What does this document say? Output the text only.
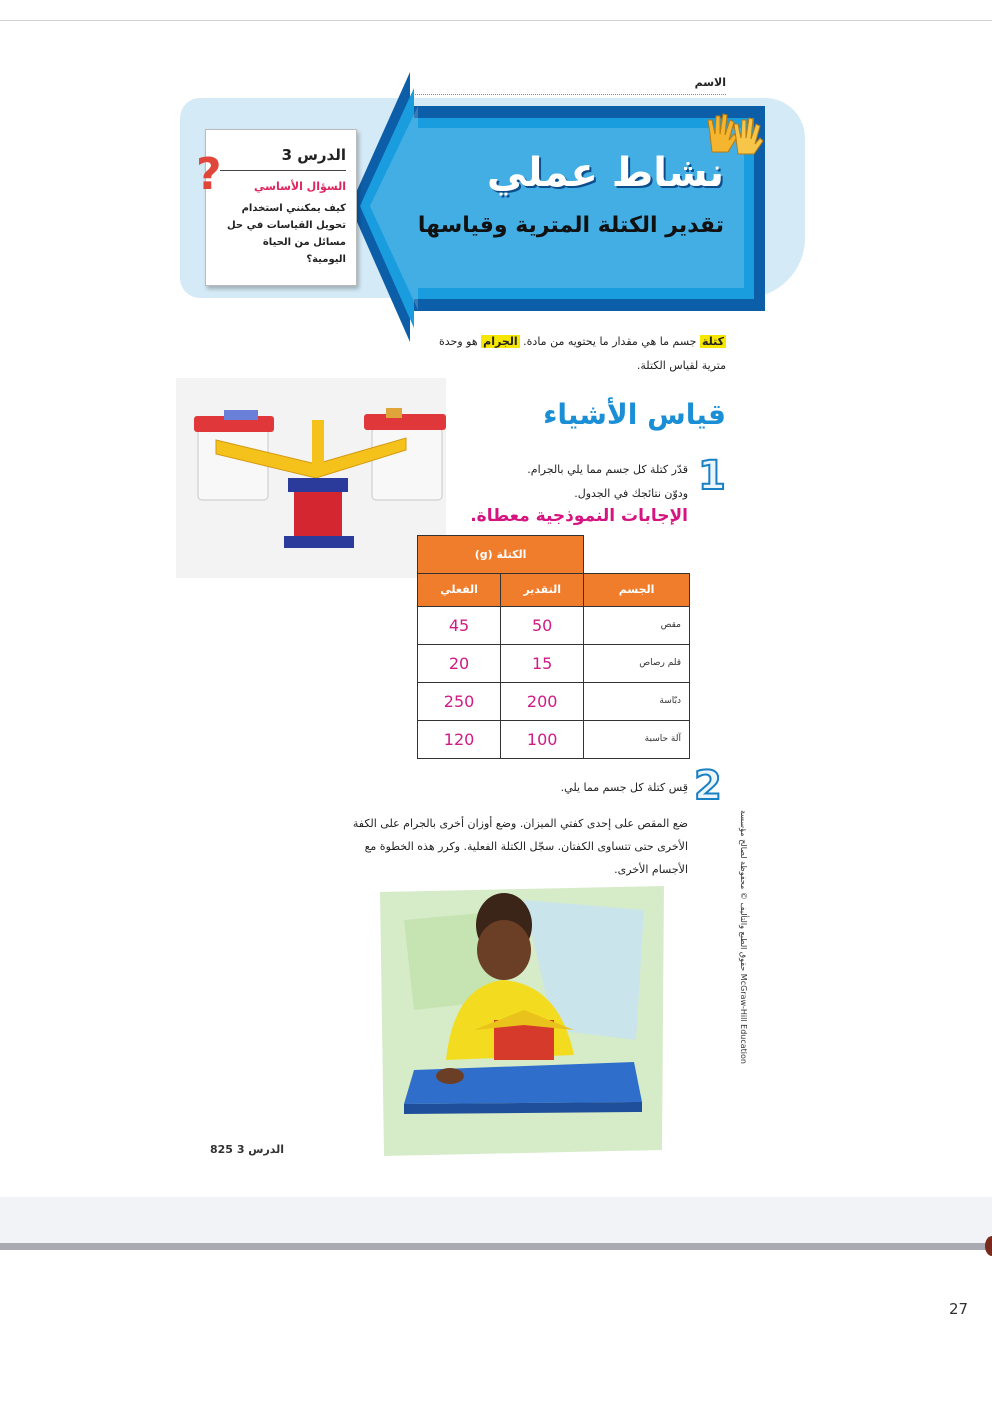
الاسم
نشاط عملي
تقدير الكتلة المترية وقياسها
الدرس 3
السؤال الأساسي
كيف يمكنني استخدام تحويل القياسات في حل مسائل من الحياة اليومية؟
?
كتلة جسم ما هي مقدار ما يحتويه من مادة. الجرام هو وحدة مترية لقياس الكتلة.
قياس الأشياء
1
قدّر كتلة كل جسم مما يلي بالجرام.
ودوّن نتائجك في الجدول.
الإجابات النموذجية معطاة.
	الكتلة (g)	
الجسم	التقدير	الفعلي
مقص	50	45
قلم رصاص	15	20
دبّاسة	200	250
آلة حاسبة	100	120
2
قِس كتلة كل جسم مما يلي.
ضع المقص على إحدى كفتي الميزان. وضع أوزان أخرى بالجرام على الكفة الأخرى حتى تتساوى الكفتان. سجّل الكتلة الفعلية. وكرر هذه الخطوة مع الأجسام الأخرى.	حقوق الطبع والتأليف © محفوظة لصالح مؤسسة McGraw-Hill Education
825 الدرس 3
27
